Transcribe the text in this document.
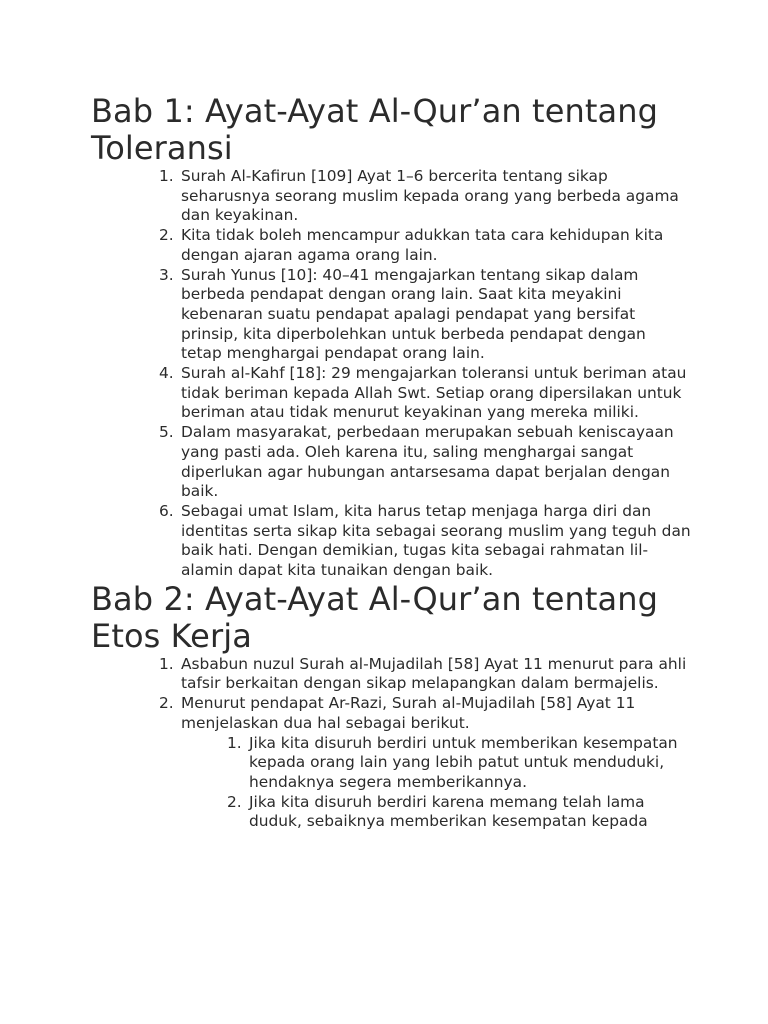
Bab 1: Ayat-Ayat Al-Qur’an tentang Toleransi
1. Surah Al-Kafirun [109] Ayat 1–6 bercerita tentang sikap seharusnya seorang muslim kepada orang yang berbeda agama dan keyakinan.
2. Kita tidak boleh mencampur adukkan tata cara kehidupan kita dengan ajaran agama orang lain.
3. Surah Yunus [10]: 40–41 mengajarkan tentang sikap dalam berbeda pendapat dengan orang lain. Saat kita meyakini kebenaran suatu pendapat apalagi pendapat yang bersifat prinsip, kita diperbolehkan untuk berbeda pendapat dengan tetap menghargai pendapat orang lain.
4. Surah al-Kahf [18]: 29 mengajarkan toleransi untuk beriman atau tidak beriman kepada Allah Swt. Setiap orang dipersilakan untuk beriman atau tidak menurut keyakinan yang mereka miliki.
5. Dalam masyarakat, perbedaan merupakan sebuah keniscayaan yang pasti ada. Oleh karena itu, saling menghargai sangat diperlukan agar hubungan antarsesama dapat berjalan dengan baik.
6. Sebagai umat Islam, kita harus tetap menjaga harga diri dan identitas serta sikap kita sebagai seorang muslim yang teguh dan baik hati. Dengan demikian, tugas kita sebagai rahmatan lil-alamin dapat kita tunaikan dengan baik.
Bab 2: Ayat-Ayat Al-Qur’an tentang Etos Kerja
1. Asbabun nuzul Surah al-Mujadilah [58] Ayat 11 menurut para ahli tafsir berkaitan dengan sikap melapangkan dalam bermajelis.
2. Menurut pendapat Ar-Razi, Surah al-Mujadilah [58] Ayat 11 menjelaskan dua hal sebagai berikut.
1. Jika kita disuruh berdiri untuk memberikan kesempatan kepada orang lain yang lebih patut untuk menduduki, hendaknya segera memberikannya.
2. Jika kita disuruh berdiri karena memang telah lama duduk, sebaiknya memberikan kesempatan kepada
